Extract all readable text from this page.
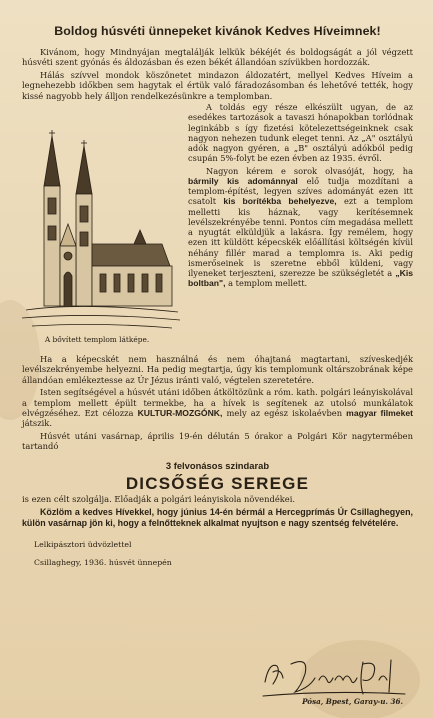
Boldog húsvéti ünnepeket kivánok Kedves Híveimnek!

Kivánom, hogy Mindnyájan megtalálják lelkük békéjét és boldogságát a jól végzett húsvéti szent gyónás és áldozásban és ezen békét állandóan szívükben hordozzák.

Hálás szívvel mondok köszönetet mindazon áldozatért, mellyel Kedves Híveim a legnehezebb időkben sem hagytak el értük való fáradozásomban és lehetővé tették, hogy kissé nagyobb hely álljon rendelkezésünkre a templomban.

A bővített templom látképe.

A toldás egy része elkészült ugyan, de az esedékes tartozások a tavaszi hónapokban torlódnak leginkább s így fizetési kötelezettségeinknek csak nagyon nehezen tudunk eleget tenni. Az „A" osztályú adók nagyon gyéren, a „B" osztályú adókból pedig csupán 5%-folyt be ezen évben az 1935. évről.

Nagyon kérem e sorok olvasóját, hogy, ha bármily kis adománnyal elő tudja mozdítani a templom-építést, legyen szíves adományát ezen itt csatolt kis borítékba behelyezve, ezt a templom melletti kis háznak, vagy kerítésemnek levélszekrényébe tenni. Pontos cím megadása mellett a nyugtát elküldjük a lakásra. Így remélem, hogy ezen itt küldött képecskék előállítási költségén kívül néhány fillér marad a templomra is. Aki pedig ismerőseinek is szeretne ebből küldeni, vagy ilyeneket terjeszteni, szerezze be szükségletét a „Kis boltban", a templom mellett.

Ha a képecskét nem használná és nem óhajtaná magtartani, szíveskedjék levélszekrényembe helyezni. Ha pedig megtartja, úgy kis templomunk oltárszobrának képe állandóan emlékeztesse az Úr Jézus iránti való, végtelen szeretetére.

Isten segítségével a húsvét utáni időben átköltözünk a róm. kath. polgári leányiskolával a templom mellett épült termekbe, ha a hívek is segítenek az utolsó munkálatok elvégzéséhez. Ezt célozza KULTUR-MOZGÓNK, mely az egész iskolaévben magyar filmeket játszik.

Húsvét utáni vasárnap, április 19-én délután 5 órakor a Polgári Kör nagytermében tartandó

3 felvonásos szindarab
DICSŐSÉG SEREGE

is ezen célt szolgálja. Előadják a polgári leányiskola növendékei.

Közlöm a kedves Hívekkel, hogy június 14-én bérmál a Hercegprímás Úr Csillaghegyen, külön vasárnap jön ki, hogy a felnőtteknek alkalmat nyujtson e nagy szentség felvételére.

Lelkipásztori üdvözlettel

Csillaghegy, 1936. húsvét ünnepén

Pósa, Bpest, Garay-u. 36.
